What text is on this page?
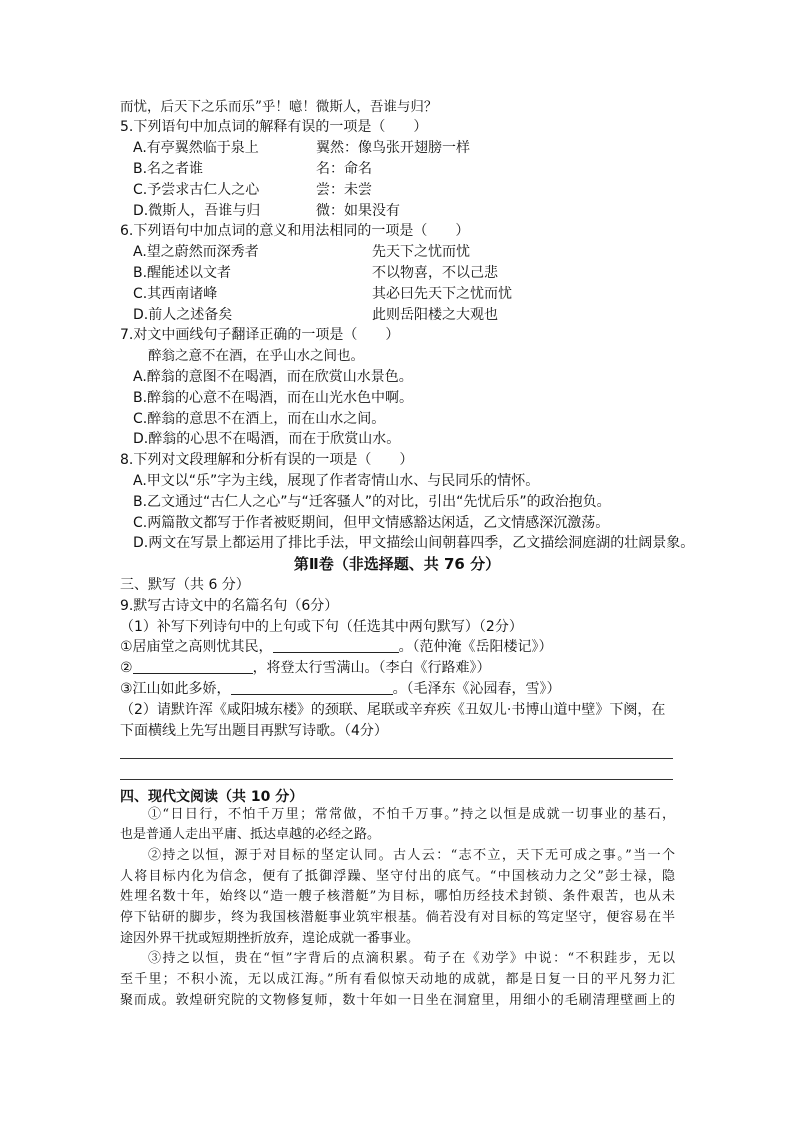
而忧，后天下之乐而乐”乎！噫！微斯人，吾谁与归？
5.下列语句中加点词的解释有误的一项是（　　）
A.有亭翼然临于泉上	翼然：像鸟张开翅膀一样
B.名之者谁	名：命名
C.予尝求古仁人之心	尝：未尝
D.微斯人，吾谁与归	微：如果没有
6.下列语句中加点词的意义和用法相同的一项是（　　）
A.望之蔚然而深秀者	先天下之忧而忧
B.醒能述以文者	不以物喜，不以己悲
C.其西南诸峰	其必曰先天下之忧而忧
D.前人之述备矣	此则岳阳楼之大观也
7.对文中画线句子翻译正确的一项是（　　）
醉翁之意不在酒，在乎山水之间也。
A.醉翁的意图不在喝酒，而在欣赏山水景色。
B.醉翁的心意不在喝酒，而在山光水色中啊。
C.醉翁的意思不在酒上，而在山水之间。
D.醉翁的心思不在喝酒，而在于欣赏山水。
8.下列对文段理解和分析有误的一项是（　　）
A.甲文以“乐”字为主线，展现了作者寄情山水、与民同乐的情怀。
B.乙文通过“古仁人之心”与“迁客骚人”的对比，引出“先忧后乐”的政治抱负。
C.两篇散文都写于作者被贬期间，但甲文情感豁达闲适，乙文情感深沉激荡。
D.两文在写景上都运用了排比手法，甲文描绘山间朝暮四季，乙文描绘洞庭湖的壮阔景象。
第Ⅱ卷（非选择题、共 76 分）
三、默写（共 6 分）
9.默写古诗文中的名篇名句（6分）
（1）补写下列诗句中的上句或下句（任选其中两句默写）（2分）
①居庙堂之高则忧其民，	。（范仲淹《岳阳楼记》）
②	，将登太行雪满山。（李白《行路难》）
③江山如此多娇，	。（毛泽东《沁园春，雪》）
（2）请默许浑《咸阳城东楼》的颈联、尾联或辛弃疾《丑奴儿·书博山道中壁》下阕，在
下面横线上先写出题目再默写诗歌。（4分）
四、现代文阅读（共 10 分）
①“日日行，不怕千万里；常常做，不怕千万事。”持之以恒是成就一切事业的基石，
也是普通人走出平庸、抵达卓越的必经之路。
②持之以恒，源于对目标的坚定认同。古人云：“志不立，天下无可成之事。”当一个
人将目标内化为信念，便有了抵御浮躁、坚守付出的底气。“中国核动力之父”彭士禄，隐
姓埋名数十年，始终以“造一艘子核潜艇”为目标，哪怕历经技术封锁、条件艰苦，也从未
停下钻研的脚步，终为我国核潜艇事业筑牢根基。倘若没有对目标的笃定坚守，便容易在半
途因外界干扰或短期挫折放弃，遑论成就一番事业。
③持之以恒，贵在“恒”字背后的点滴积累。荀子在《劝学》中说：“不积跬步，无以
至千里；不积小流，无以成江海。”所有看似惊天动地的成就，都是日复一日的平凡努力汇
聚而成。敦煌研究院的文物修复师，数十年如一日坐在洞窟里，用细小的毛刷清理壁画上的
